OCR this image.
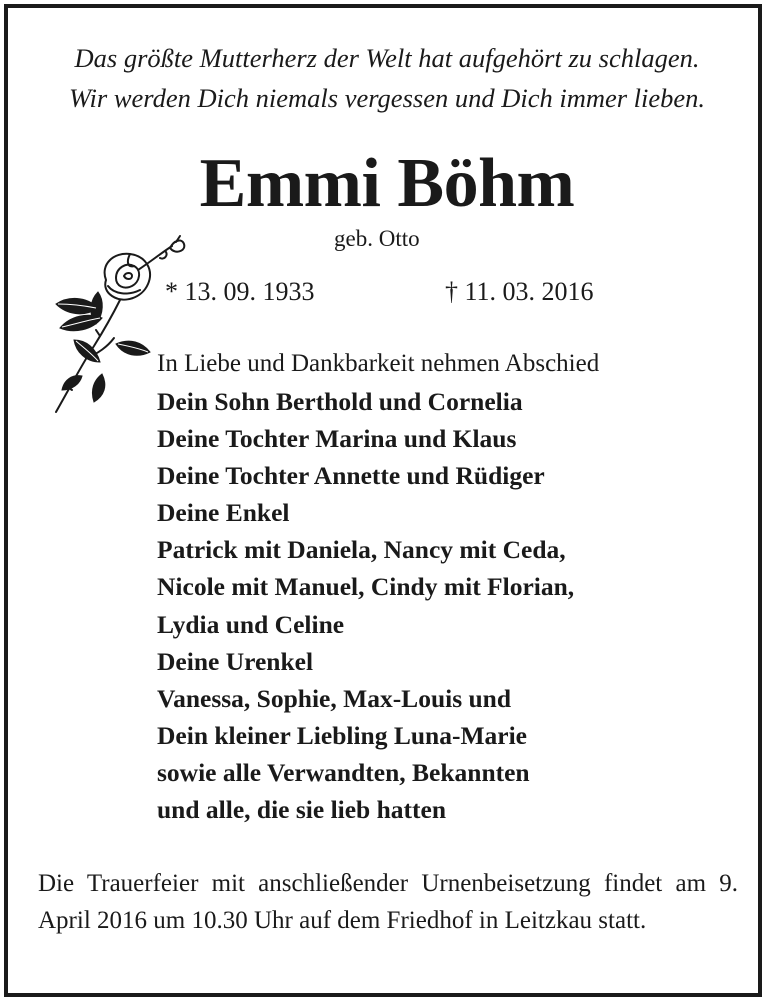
Das größte Mutterherz der Welt hat aufgehört zu schlagen.
Wir werden Dich niemals vergessen und Dich immer lieben.
Emmi Böhm
geb. Otto
* 13. 09. 1933	† 11. 03. 2016
In Liebe und Dankbarkeit nehmen Abschied
Dein Sohn Berthold und Cornelia
Deine Tochter Marina und Klaus
Deine Tochter Annette und Rüdiger
Deine Enkel
Patrick mit Daniela, Nancy mit Ceda,
Nicole mit Manuel, Cindy mit Florian,
Lydia und Celine
Deine Urenkel
Vanessa, Sophie, Max-Louis und
Dein kleiner Liebling Luna-Marie
sowie alle Verwandten, Bekannten
und alle, die sie lieb hatten

Die Trauerfeier mit anschließender Urnenbeisetzung findet am 9. April 2016 um 10.30 Uhr auf dem Friedhof in Leitzkau statt.
